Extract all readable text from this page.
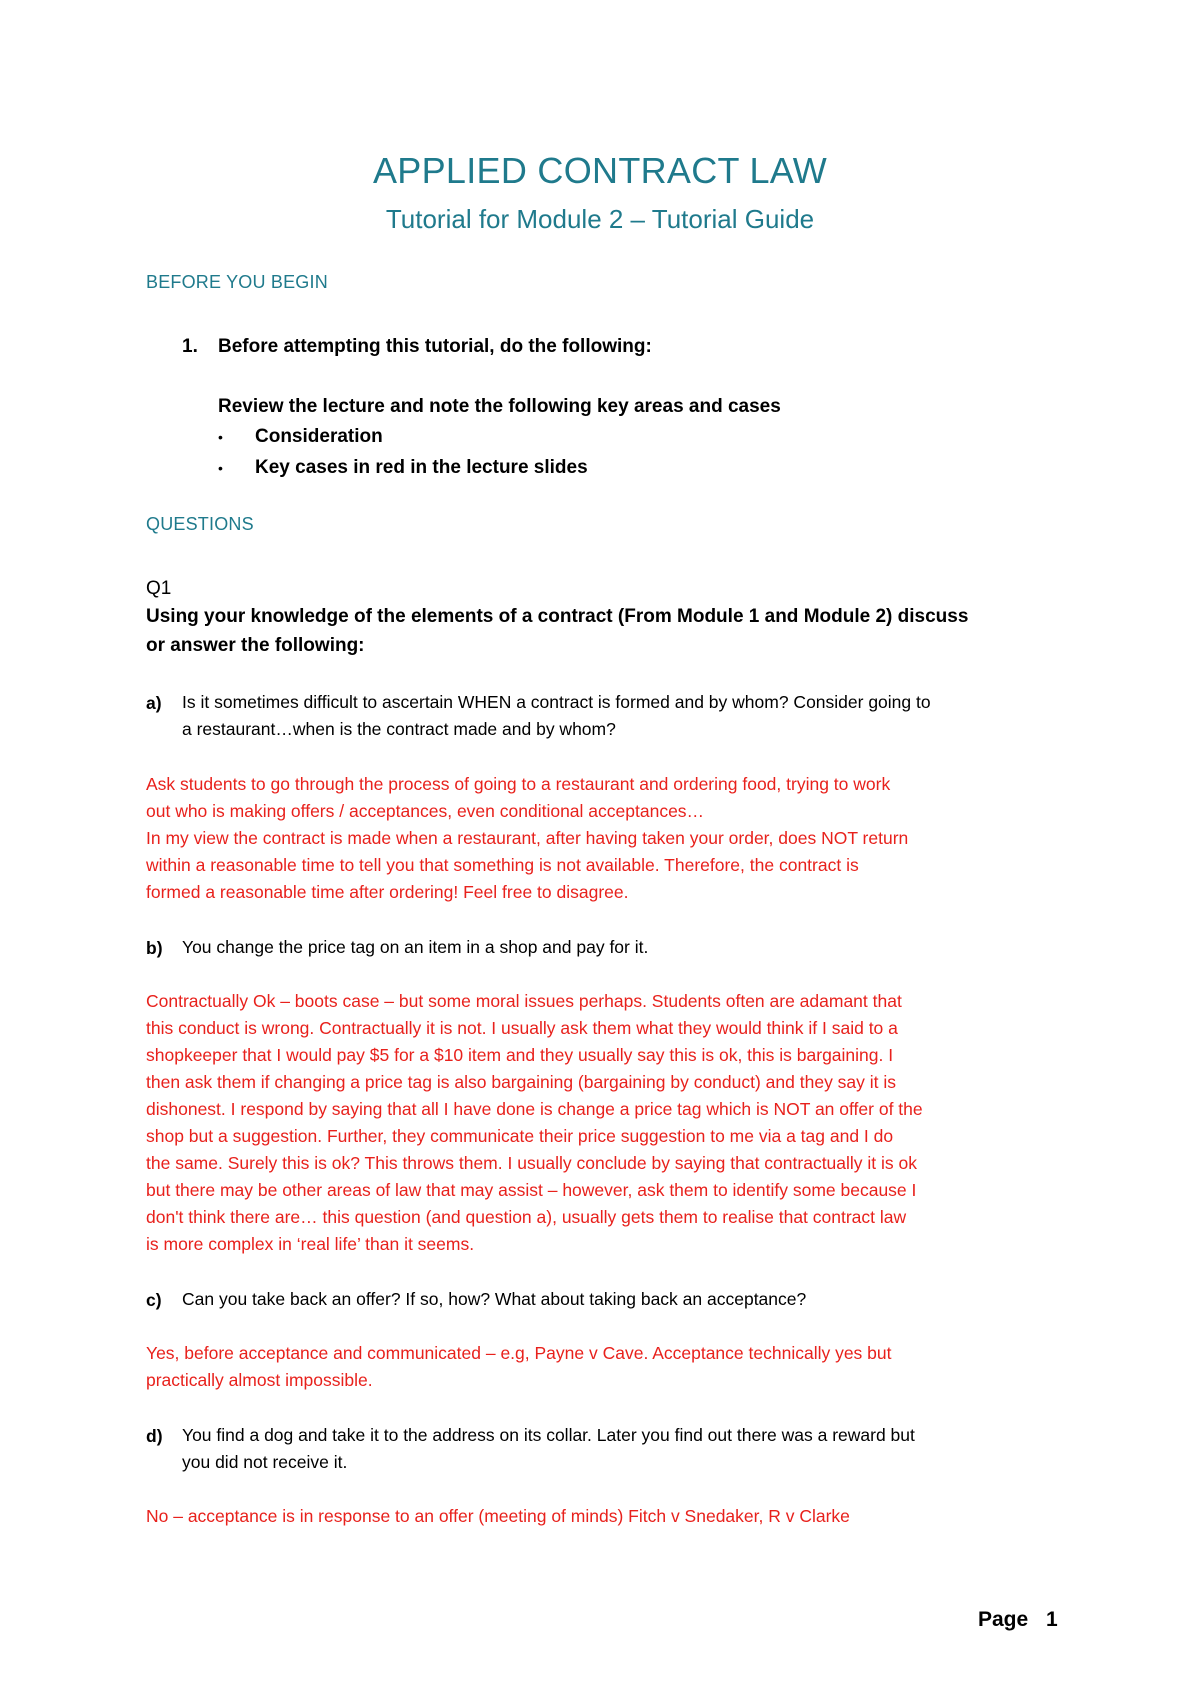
APPLIED CONTRACT LAW
Tutorial for Module 2 – Tutorial Guide
BEFORE YOU BEGIN
1. Before attempting this tutorial, do the following:
Review the lecture and note the following key areas and cases
• Consideration
• Key cases in red in the lecture slides
QUESTIONS
Q1
Using your knowledge of the elements of a contract (From Module 1 and Module 2) discuss
or answer the following:
a) Is it sometimes difficult to ascertain WHEN a contract is formed and by whom? Consider going to
a restaurant…when is the contract made and by whom?
Ask students to go through the process of going to a restaurant and ordering food, trying to work
out who is making offers / acceptances, even conditional acceptances…
In my view the contract is made when a restaurant, after having taken your order, does NOT return
within a reasonable time to tell you that something is not available. Therefore, the contract is
formed a reasonable time after ordering! Feel free to disagree.
b) You change the price tag on an item in a shop and pay for it.
Contractually Ok – boots case – but some moral issues perhaps. Students often are adamant that
this conduct is wrong. Contractually it is not. I usually ask them what they would think if I said to a
shopkeeper that I would pay $5 for a $10 item and they usually say this is ok, this is bargaining. I
then ask them if changing a price tag is also bargaining (bargaining by conduct) and they say it is
dishonest. I respond by saying that all I have done is change a price tag which is NOT an offer of the
shop but a suggestion. Further, they communicate their price suggestion to me via a tag and I do
the same. Surely this is ok? This throws them. I usually conclude by saying that contractually it is ok
but there may be other areas of law that may assist – however, ask them to identify some because I
don't think there are… this question (and question a), usually gets them to realise that contract law
is more complex in ‘real life’ than it seems.
c) Can you take back an offer? If so, how? What about taking back an acceptance?
Yes, before acceptance and communicated – e.g, Payne v Cave. Acceptance technically yes but
practically almost impossible.
d) You find a dog and take it to the address on its collar. Later you find out there was a reward but
you did not receive it.
No – acceptance is in response to an offer (meeting of minds) Fitch v Snedaker, R v Clarke
Page 1
